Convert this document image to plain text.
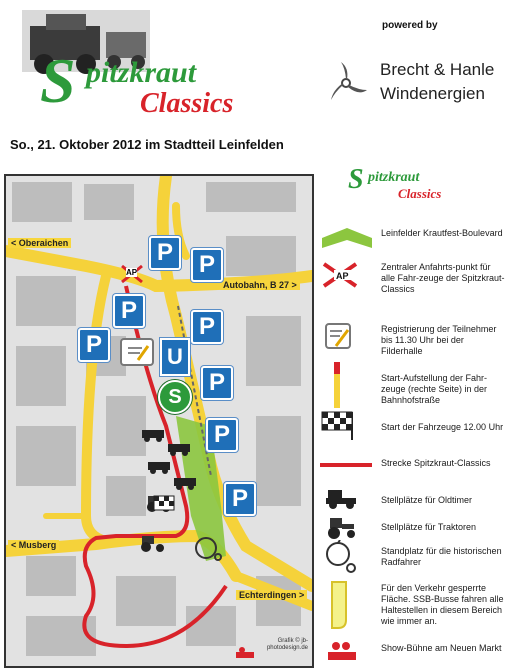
S pitzkraut
Classics
So., 21. Oktober 2012 im Stadtteil Leinfelden
powered by
Brecht & Hanle
Windenergien
< Oberaichen
Autobahn, B 27 >
< Musberg
Echterdingen >
AP
P	P
P
P
P
P
P
P
U
S
Grafik © jb-photodesign.de
S pitzkraut
Classics
AP
Leinfelder Krautfest-Boulevard
Zentraler Anfahrts-punkt für alle Fahr-zeuge der Spitzkraut-Classics
Registrierung der Teilnehmer bis 11.30 Uhr bei der Filderhalle
Start-Aufstellung der Fahr-zeuge (rechte Seite) in der Bahnhofstraße
Start der Fahrzeuge 12.00 Uhr
Strecke Spitzkraut-Classics
Stellplätze für Oldtimer
Stellplätze für Traktoren
Standplatz für die historischen Radfahrer
Für den Verkehr gesperrte Fläche. SSB-Busse fahren alle Haltestellen in diesem Bereich wie immer an.
Show-Bühne am Neuen Markt
